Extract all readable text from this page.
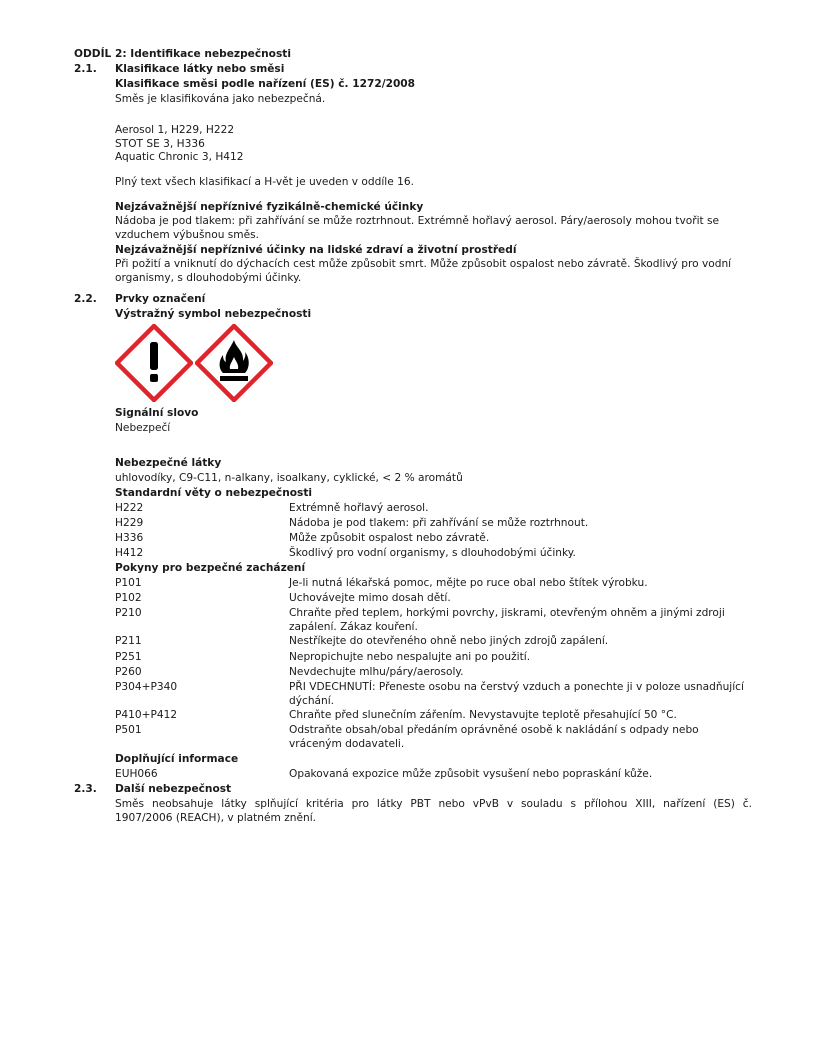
ODDÍL 2: Identifikace nebezpečnosti
2.1. Klasifikace látky nebo směsi
Klasifikace směsi podle nařízení (ES) č. 1272/2008
Směs je klasifikována jako nebezpečná.
Aerosol 1, H229, H222
STOT SE 3, H336
Aquatic Chronic 3, H412
Plný text všech klasifikací a H-vět je uveden v oddíle 16.
Nejzávažnější nepříznivé fyzikálně-chemické účinky
Nádoba je pod tlakem: při zahřívání se může roztrhnout. Extrémně hořlavý aerosol. Páry/aerosoly mohou tvořit se
vzduchem výbušnou směs.
Nejzávažnější nepříznivé účinky na lidské zdraví a životní prostředí
Při požití a vniknutí do dýchacích cest může způsobit smrt. Může způsobit ospalost nebo závratě. Škodlivý pro vodní
organismy, s dlouhodobými účinky.
2.2. Prvky označení
Výstražný symbol nebezpečnosti
Signální slovo
Nebezpečí
Nebezpečné látky
uhlovodíky, C9-C11, n-alkany, isoalkany, cyklické, < 2 % aromátů
Standardní věty o nebezpečnosti
H222	Extrémně hořlavý aerosol.
H229	Nádoba je pod tlakem: při zahřívání se může roztrhnout.
H336	Může způsobit ospalost nebo závratě.
H412	Škodlivý pro vodní organismy, s dlouhodobými účinky.
Pokyny pro bezpečné zacházení
P101	Je-li nutná lékařská pomoc, mějte po ruce obal nebo štítek výrobku.
P102	Uchovávejte mimo dosah dětí.
P210	Chraňte před teplem, horkými povrchy, jiskrami, otevřeným ohněm a jinými zdroji zapálení. Zákaz kouření.
P211	Nestříkejte do otevřeného ohně nebo jiných zdrojů zapálení.
P251	Nepropichujte nebo nespalujte ani po použití.
P260	Nevdechujte mlhu/páry/aerosoly.
P304+P340	PŘI VDECHNUTÍ: Přeneste osobu na čerstvý vzduch a ponechte ji v poloze usnadňující dýchání.
P410+P412	Chraňte před slunečním zářením. Nevystavujte teplotě přesahující 50 °C.
P501	Odstraňte obsah/obal předáním oprávněné osobě k nakládání s odpady nebo vráceným dodavateli.
Doplňující informace
EUH066	Opakovaná expozice může způsobit vysušení nebo popraskání kůže.
2.3. Další nebezpečnost
Směs neobsahuje látky splňující kritéria pro látky PBT nebo vPvB v souladu s přílohou XIII, nařízení (ES) č.
1907/2006 (REACH), v platném znění.
